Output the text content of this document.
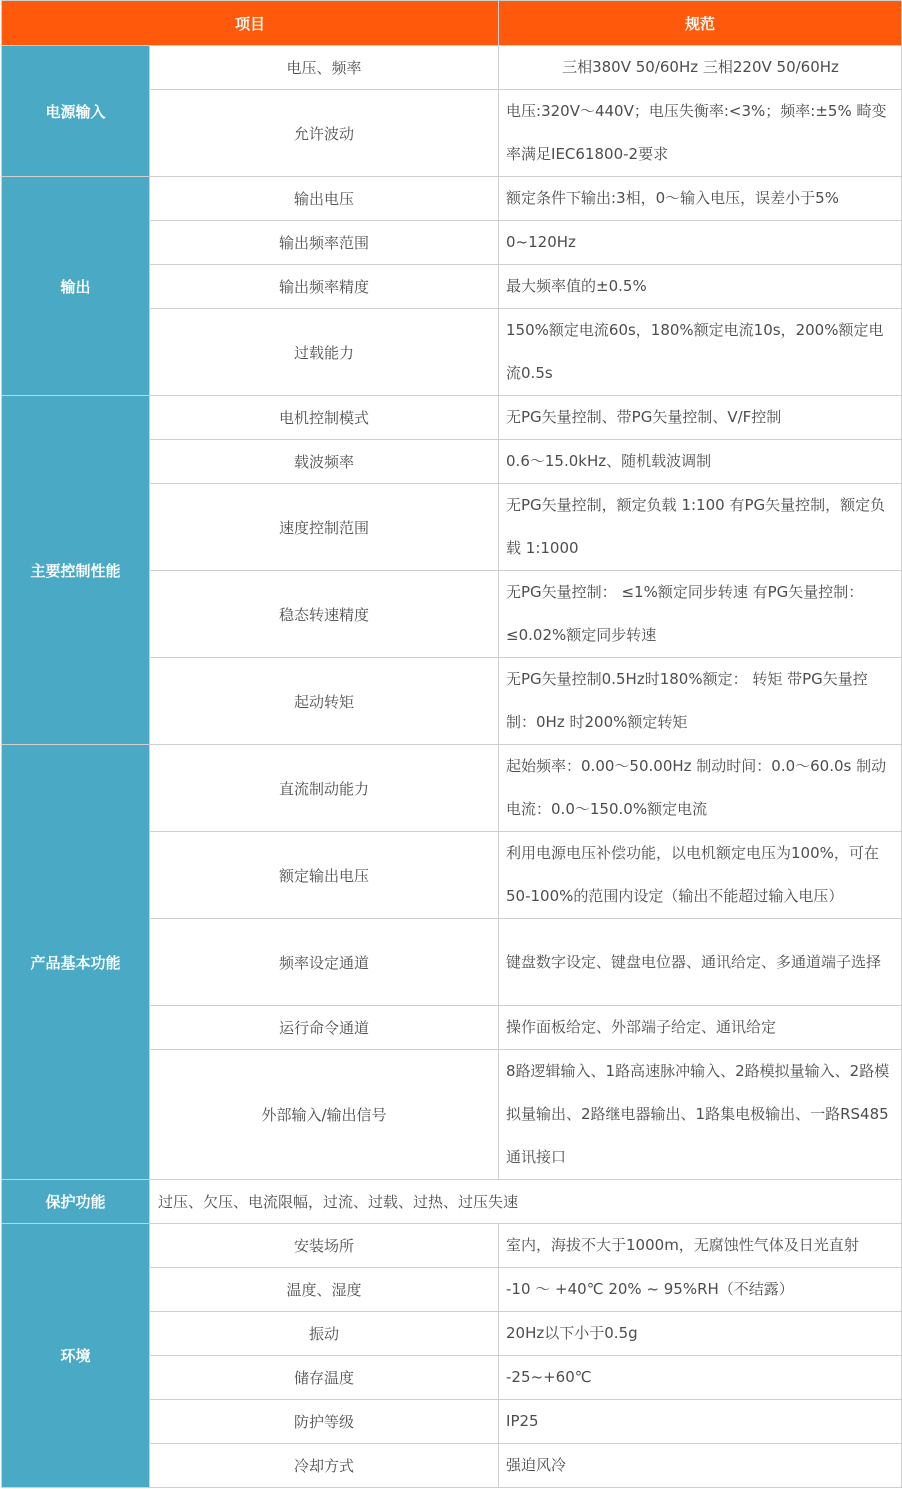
项目		规范
电源输入	电压、频率	三相380V 50/60Hz 三相220V 50/60Hz
	允许波动	电压:320V～440V；电压失衡率:<3%；频率:±5% 畸变率满足IEC61800-2要求
输出	输出电压	额定条件下输出:3相，0～输入电压，误差小于5%
	输出频率范围	0~120Hz
	输出频率精度	最大频率值的±0.5%
	过载能力	150%额定电流60s，180%额定电流10s，200%额定电流0.5s
主要控制性能	电机控制模式	无PG矢量控制、带PG矢量控制、V/F控制
	载波频率	0.6～15.0kHz、随机载波调制
	速度控制范围	无PG矢量控制，额定负载 1:100 有PG矢量控制，额定负载 1:1000
	稳态转速精度	无PG矢量控制： ≤1%额定同步转速 有PG矢量控制： ≤0.02%额定同步转速
	起动转矩	无PG矢量控制0.5Hz时180%额定： 转矩 带PG矢量控制：0Hz 时200%额定转矩
产品基本功能	直流制动能力	起始频率：0.00～50.00Hz 制动时间：0.0～60.0s 制动电流：0.0～150.0%额定电流
	额定输出电压	利用电源电压补偿功能，以电机额定电压为100%，可在50-100%的范围内设定（输出不能超过输入电压）
	频率设定通道	键盘数字设定、键盘电位器、通讯给定、多通道端子选择
	运行命令通道	操作面板给定、外部端子给定、通讯给定
	外部输入/输出信号	8路逻辑输入、1路高速脉冲输入、2路模拟量输入、2路模拟量输出、2路继电器输出、1路集电极输出、一路RS485通讯接口
保护功能	过压、欠压、电流限幅，过流、过载、过热、过压失速	
环境	安装场所	室内，海拔不大于1000m，无腐蚀性气体及日光直射
	温度、湿度	-10 ～ +40℃ 20% ~ 95%RH（不结露）
	振动	20Hz以下小于0.5g
	储存温度	-25~+60℃
	防护等级	IP25
	冷却方式	强迫风冷
